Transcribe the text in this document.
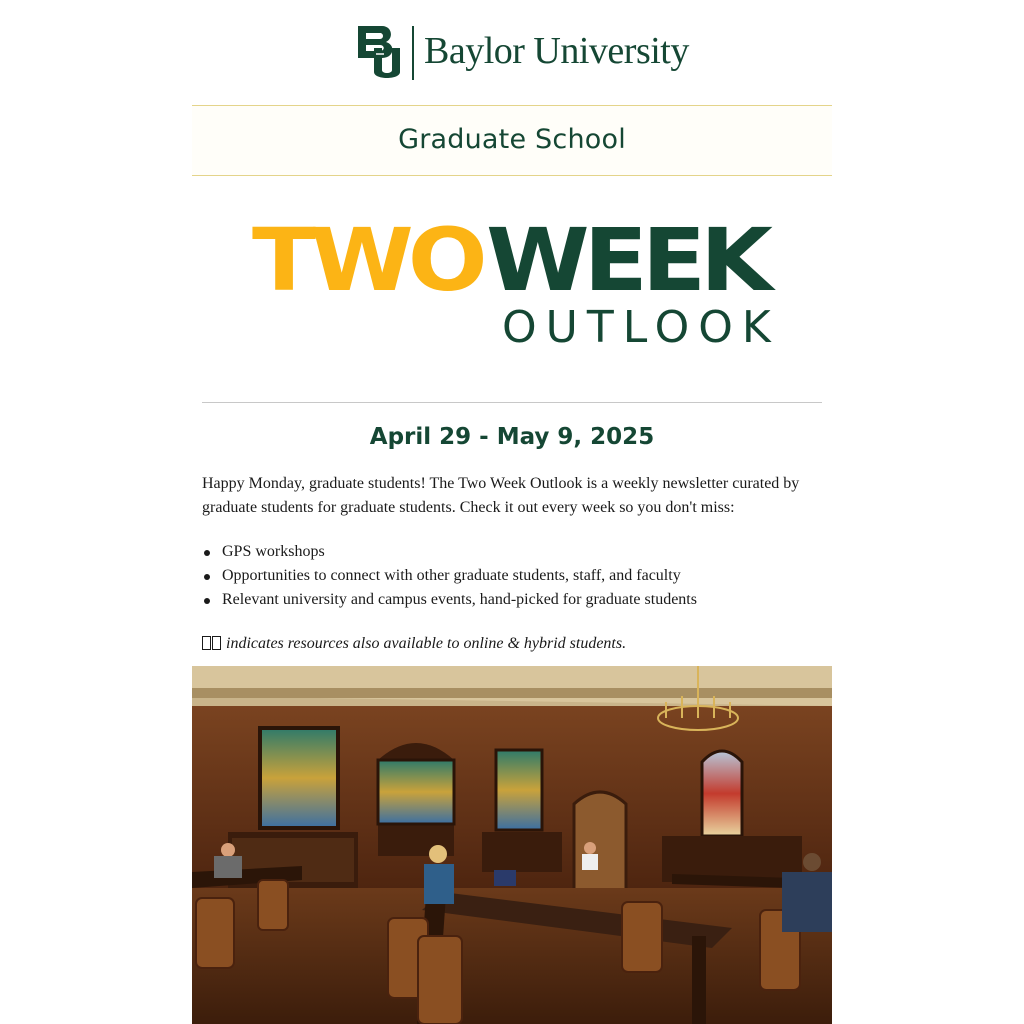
Baylor University
Graduate School
TWO WEEK
OUTLOOK
April 29 - May 9, 2025

Happy Monday, graduate students! The Two Week Outlook is a weekly newsletter curated by graduate students for graduate students. Check it out every week so you don't miss:

GPS workshops
Opportunities to connect with other graduate students, staff, and faculty
Relevant university and campus events, hand-picked for graduate students

indicates resources also available to online & hybrid students.
